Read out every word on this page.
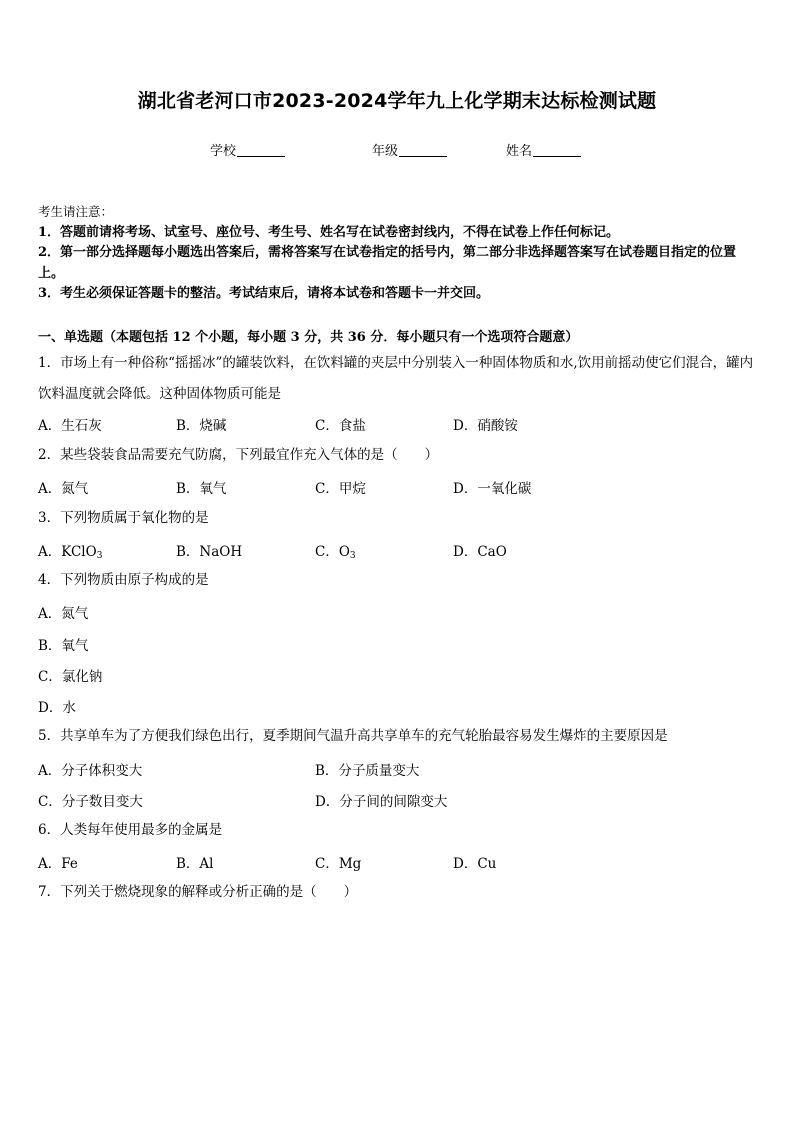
湖北省老河口市2023-2024学年九上化学期末达标检测试题
学校	年级	姓名
考生请注意：
1．答题前请将考场、试室号、座位号、考生号、姓名写在试卷密封线内，不得在试卷上作任何标记。
2．第一部分选择题每小题选出答案后，需将答案写在试卷指定的括号内，第二部分非选择题答案写在试卷题目指定的位置上。
3．考生必须保证答题卡的整洁。考试结束后，请将本试卷和答题卡一并交回。
一、单选题（本题包括 12 个小题，每小题 3 分，共 36 分．每小题只有一个选项符合题意）
1．市场上有一种俗称“摇摇冰”的罐装饮料，在饮料罐的夹层中分别装入一种固体物质和水,饮用前摇动使它们混合，罐内饮料温度就会降低。这种固体物质可能是
A．生石灰	B．烧碱	C．食盐	D．硝酸铵
2．某些袋装食品需要充气防腐，下列最宜作充入气体的是（　　）
A．氮气	B．氧气	C．甲烷	D．一氧化碳
3．下列物质属于氧化物的是
A．KClO$_3$	B．NaOH	C．$O_3$	D．CaO
4．下列物质由原子构成的是
A．氮气
B．氧气
C．氯化钠
D．水
5．共享单车为了方便我们绿色出行，夏季期间气温升高共享单车的充气轮胎最容易发生爆炸的主要原因是
A．分子体积变大	B．分子质量变大
C．分子数目变大	D．分子间的间隙变大
6．人类每年使用最多的金属是
A．Fe	B．Al	C．Mg	D．Cu
7．下列关于燃烧现象的解释或分析正确的是（　　）
